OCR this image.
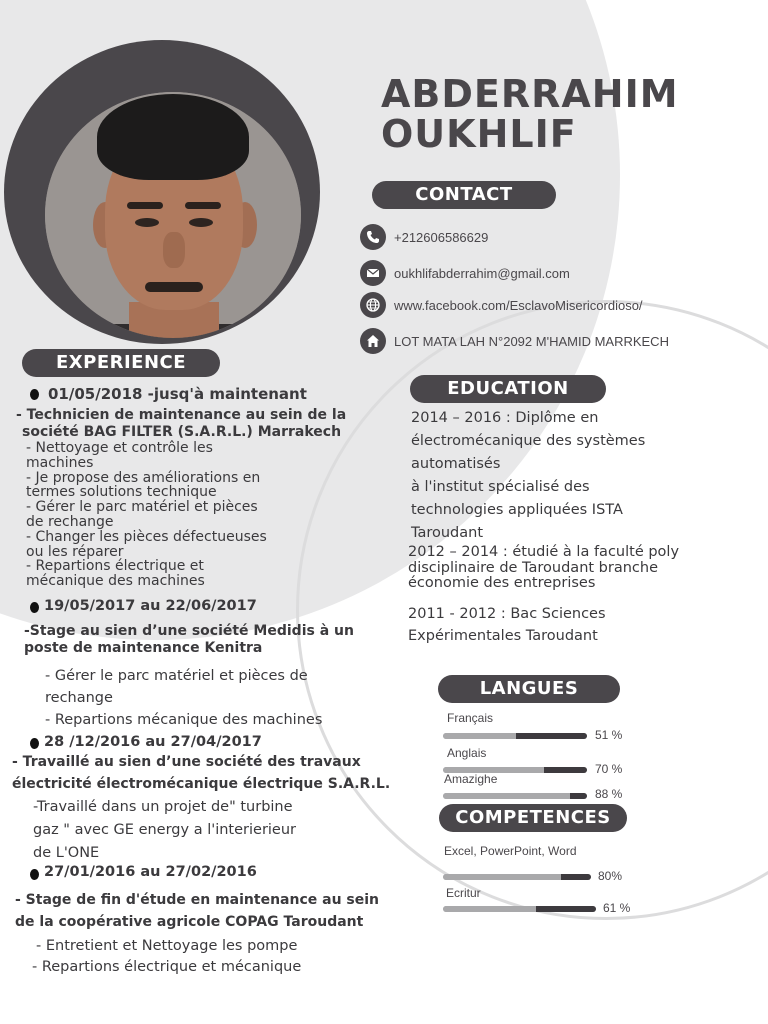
ABDERRAHIM
OUKHLIF
CONTACT
+212606586629
oukhlifabderrahim@gmail.com
www.facebook.com/EsclavoMisericordioso/
LOT MATA LAH N°2092 M'HAMID MARRKECH
EXPERIENCE
01/05/2018 -jusq'à maintenant
- Technicien de maintenance au sein de la
société BAG FILTER (S.A.R.L.) Marrakech
- Nettoyage et contrôle les
machines
- Je propose des améliorations en
termes solutions technique
- Gérer le parc matériel et pièces
de rechange
- Changer les pièces défectueuses
ou les réparer
- Repartions électrique et
mécanique des machines
19/05/2017 au 22/06/2017
-Stage au sien d’une société Medidis à un
poste de maintenance Kenitra
- Gérer le parc matériel et pièces de
rechange
- Repartions mécanique des machines
28 /12/2016 au 27/04/2017
- Travaillé au sien d’une société des travaux
électricité électromécanique électrique S.A.R.L.
-Travaillé dans un projet de" turbine
gaz " avec GE energy a l'interierieur
de L'ONE
27/01/2016 au 27/02/2016
- Stage de fin d'étude en maintenance au sein
de la coopérative agricole COPAG Taroudant
- Entretient et Nettoyage les pompe
- Repartions électrique et mécanique
EDUCATION
2014 – 2016 : Diplôme en
électromécanique des systèmes
automatisés
à l'institut spécialisé des
technologies appliquées ISTA
Taroudant
2012 – 2014 : étudié à la faculté poly
disciplinaire de Taroudant branche
économie des entreprises
2011 - 2012 : Bac Sciences
Expérimentales Taroudant
LANGUES
Français
51 %
Anglais
70 %
Amazighe
88 %
COMPETENCES
Excel, PowerPoint, Word
80%
Ecritur
61 %
